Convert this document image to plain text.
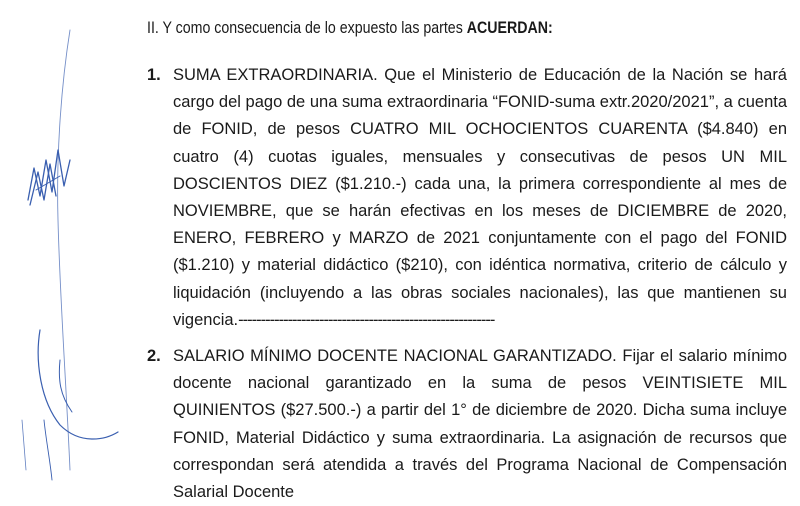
II. Y como consecuencia de lo expuesto las partes ACUERDAN:
1. SUMA EXTRAORDINARIA. Que el Ministerio de Educación de la Nación se hará cargo del pago de una suma extraordinaria “FONID-suma extr.2020/2021”, a cuenta de FONID, de pesos CUATRO MIL OCHOCIENTOS CUARENTA ($4.840) en cuatro (4) cuotas iguales, mensuales y consecutivas de pesos UN MIL DOSCIENTOS DIEZ ($1.210.-) cada una, la primera correspondiente al mes de NOVIEMBRE, que se harán efectivas en los meses de DICIEMBRE de 2020, ENERO, FEBRERO y MARZO de 2021 conjuntamente con el pago del FONID ($1.210) y material didáctico ($210), con idéntica normativa, criterio de cálculo y liquidación (incluyendo a las obras sociales nacionales), las que mantienen su vigencia.---------------------------------------------------------
2. SALARIO MÍNIMO DOCENTE NACIONAL GARANTIZADO. Fijar el salario mínimo docente nacional garantizado en la suma de pesos VEINTISIETE MIL QUINIENTOS ($27.500.-) a partir del 1° de diciembre de 2020. Dicha suma incluye FONID, Material Didáctico y suma extraordinaria. La asignación de recursos que correspondan será atendida a través del Programa Nacional de Compensación Salarial Docente
